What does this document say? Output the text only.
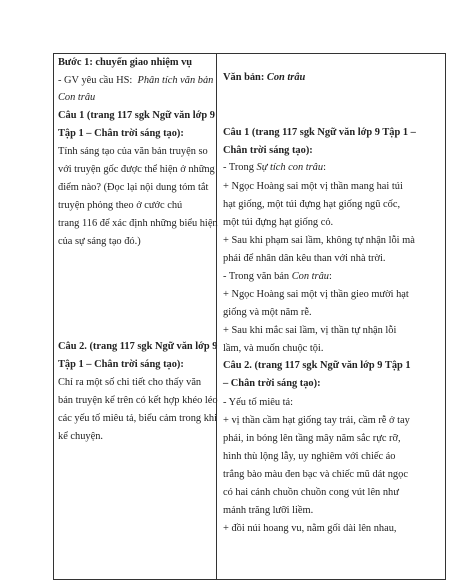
Bước 1: chuyển giao nhiệm vụ
- GV yêu cầu HS: Phân tích văn bản
Con trâu
Câu 1 (trang 117 sgk Ngữ văn lớp 9
Tập 1 – Chân trời sáng tạo):
Tính sáng tạo của văn bản truyện so
với truyện gốc được thể hiện ở những
điểm nào? (Đọc lại nội dung tóm tắt
truyện phỏng theo ở cước chú
trang 116 để xác định những biểu hiện
của sự sáng tạo đó.)
Câu 2. (trang 117 sgk Ngữ văn lớp 9
Tập 1 – Chân trời sáng tạo):
Chỉ ra một số chi tiết cho thấy văn
bản truyện kể trên có kết hợp khéo léo
các yếu tố miêu tả, biểu cảm trong khi
kể chuyện.

Văn bản: Con trâu
Câu 1 (trang 117 sgk Ngữ văn lớp 9 Tập 1 –
Chân trời sáng tạo):
- Trong Sự tích con trâu:
+ Ngọc Hoàng sai một vị thần mang hai túi
hạt giống, một túi đựng hạt giống ngũ cốc,
một túi đựng hạt giống cỏ.
+ Sau khi phạm sai lầm, không tự nhận lỗi mà
phái để nhân dân kêu than với nhà trời.
- Trong văn bản Con trâu:
+ Ngọc Hoàng sai một vị thần gieo mười hạt
giống và một năm rễ.
+ Sau khi mắc sai lầm, vị thần tự nhận lỗi
lầm, và muốn chuộc tội.
Câu 2. (trang 117 sgk Ngữ văn lớp 9 Tập 1
– Chân trời sáng tạo):
- Yếu tố miêu tả:
+ vị thần cầm hạt giống tay trái, cầm rễ ở tay
phải, in bóng lên tầng mây năm sắc rực rỡ,
hình thù lộng lẫy, uy nghiêm với chiếc áo
trắng bào màu đen bạc và chiếc mũ dát ngọc
có hai cánh chuồn chuồn cong vút lên như
mảnh trăng lưỡi liềm.
+ đồi núi hoang vu, nằm gối dài lên nhau,
